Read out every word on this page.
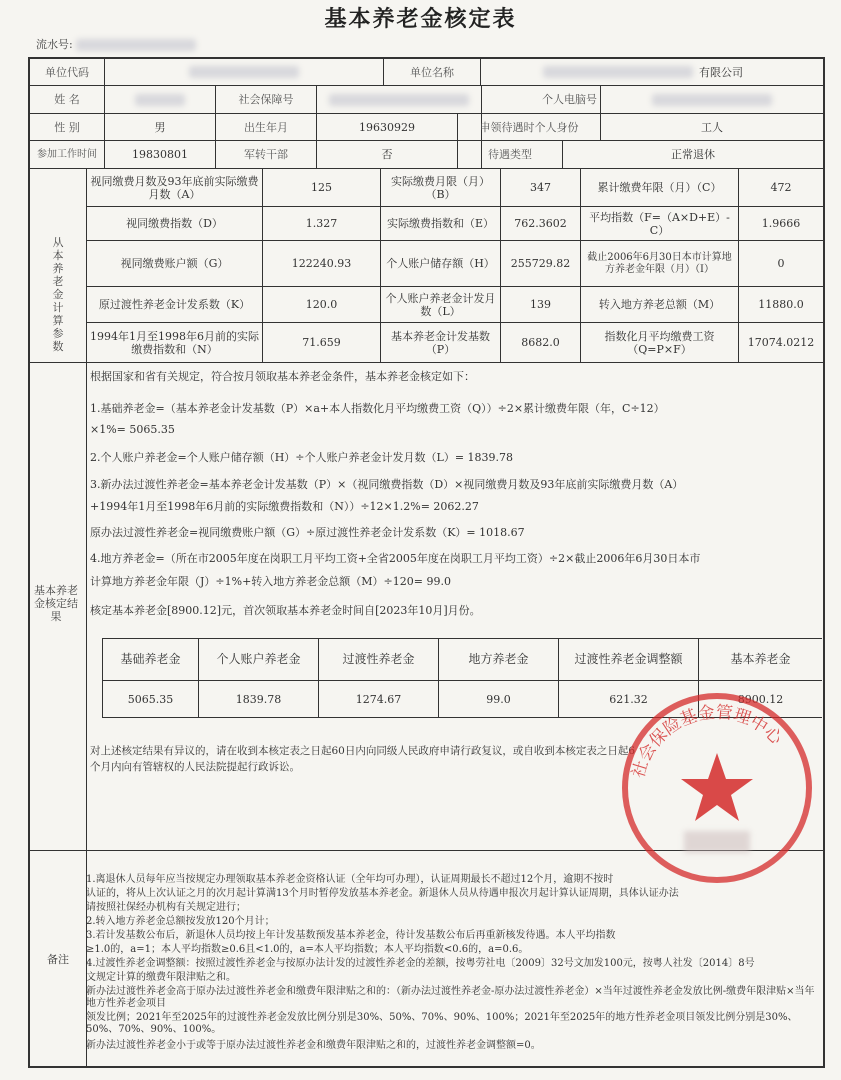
基本养老金核定表
流水号:
单位代码	单位名称	有限公司
姓 名	社会保障号	个人电脑号
性 别	男	出生年月	19630929	申领待遇时个人身份	工人
参加工作时间	19830801	军转干部	否	待遇类型	正常退休
从本养老金计算参数
视同缴费月数及93年底前实际缴费月数（A）	125	实际缴费月限（月）（B）	347	累计缴费年限（月）（C）	472
视同缴费指数（D）	1.327	实际缴费指数和（E）	762.3602	平均指数（F=（A×D+E）-C）	1.9666
视同缴费账户额（G）	122240.93	个人账户储存额（H）	255729.82	截止2006年6月30日本市计算地方养老金年限（月）（I）	0
原过渡性养老金计发系数（K）	120.0	个人账户养老金计发月数（L）	139	转入地方养老总额（M）	11880.0
1994年1月至1998年6月前的实际缴费指数和（N）	71.659	基本养老金计发基数（P）	8682.0	指数化月平均缴费工资（Q=P×F）	17074.0212
基本养老金核定结果
根据国家和省有关规定，符合按月领取基本养老金条件，基本养老金核定如下：
1.基础养老金=（基本养老金计发基数（P）×a+本人指数化月平均缴费工资（Q））÷2×累计缴费年限（年，C÷12）
×1%= 5065.35
2.个人账户养老金=个人账户储存额（H）÷个人账户养老金计发月数（L）= 1839.78
3.新办法过渡性养老金=基本养老金计发基数（P）×（视同缴费指数（D）×视同缴费月数及93年底前实际缴费月数（A）
+1994年1月至1998年6月前的实际缴费指数和（N））÷12×1.2%= 2062.27
原办法过渡性养老金=视同缴费账户额（G）÷原过渡性养老金计发系数（K）= 1018.67
4.地方养老金=（所在市2005年度在岗职工月平均工资+全省2005年度在岗职工月平均工资）÷2×截止2006年6月30日本市
计算地方养老金年限（J）÷1%+转入地方养老金总额（M）÷120= 99.0
核定基本养老金[8900.12]元，首次领取基本养老金时间自[2023年10月]月份。
基础养老金	个人账户养老金	过渡性养老金	地方养老金	过渡性养老金调整额	基本养老金
5065.35	1839.78	1274.67	99.0	621.32	8900.12
对上述核定结果有异议的，请在收到本核定表之日起60日内向同级人民政府申请行政复议，或自收到本核定表之日起6
个月内向有管辖权的人民法院提起行政诉讼。
备注
1.离退休人员每年应当按规定办理领取基本养老金资格认证（全年均可办理），认证周期最长不超过12个月，逾期不按时
认证的，将从上次认证之月的次月起计算满13个月时暂停发放基本养老金。新退休人员从待遇申报次月起计算认证周期，具体认证办法
请按照社保经办机构有关规定进行；
2.转入地方养老金总额按发放120个月计；
3.若计发基数公布后，新退休人员均按上年计发基数预发基本养老金，待计发基数公布后再重新核发待遇。本人平均指数
≥1.0的，a=1；本人平均指数≥0.6且<1.0的，a=本人平均指数；本人平均指数<0.6的，a=0.6。
4.过渡性养老金调整额：按照过渡性养老金与按原办法计发的过渡性养老金的差额，按粤劳社电〔2009〕32号文加发100元，按粤人社发〔2014〕8号
文规定计算的缴费年限津贴之和。
新办法过渡性养老金高于原办法过渡性养老金和缴费年限津贴之和的：（新办法过渡性养老金-原办法过渡性养老金）×当年过渡性养老金发放比例-缴费年限津贴×当年地方性养老金项目
领发比例；2021年至2025年的过渡性养老金发放比例分别是30%、50%、70%、90%、100%；2021年至2025年的地方性养老金项目领发比例分别是30%、50%、70%、90%、100%。
新办法过渡性养老金小于或等于原办法过渡性养老金和缴费年限津贴之和的，过渡性养老金调整额=0。
社会保险基金管理中心
